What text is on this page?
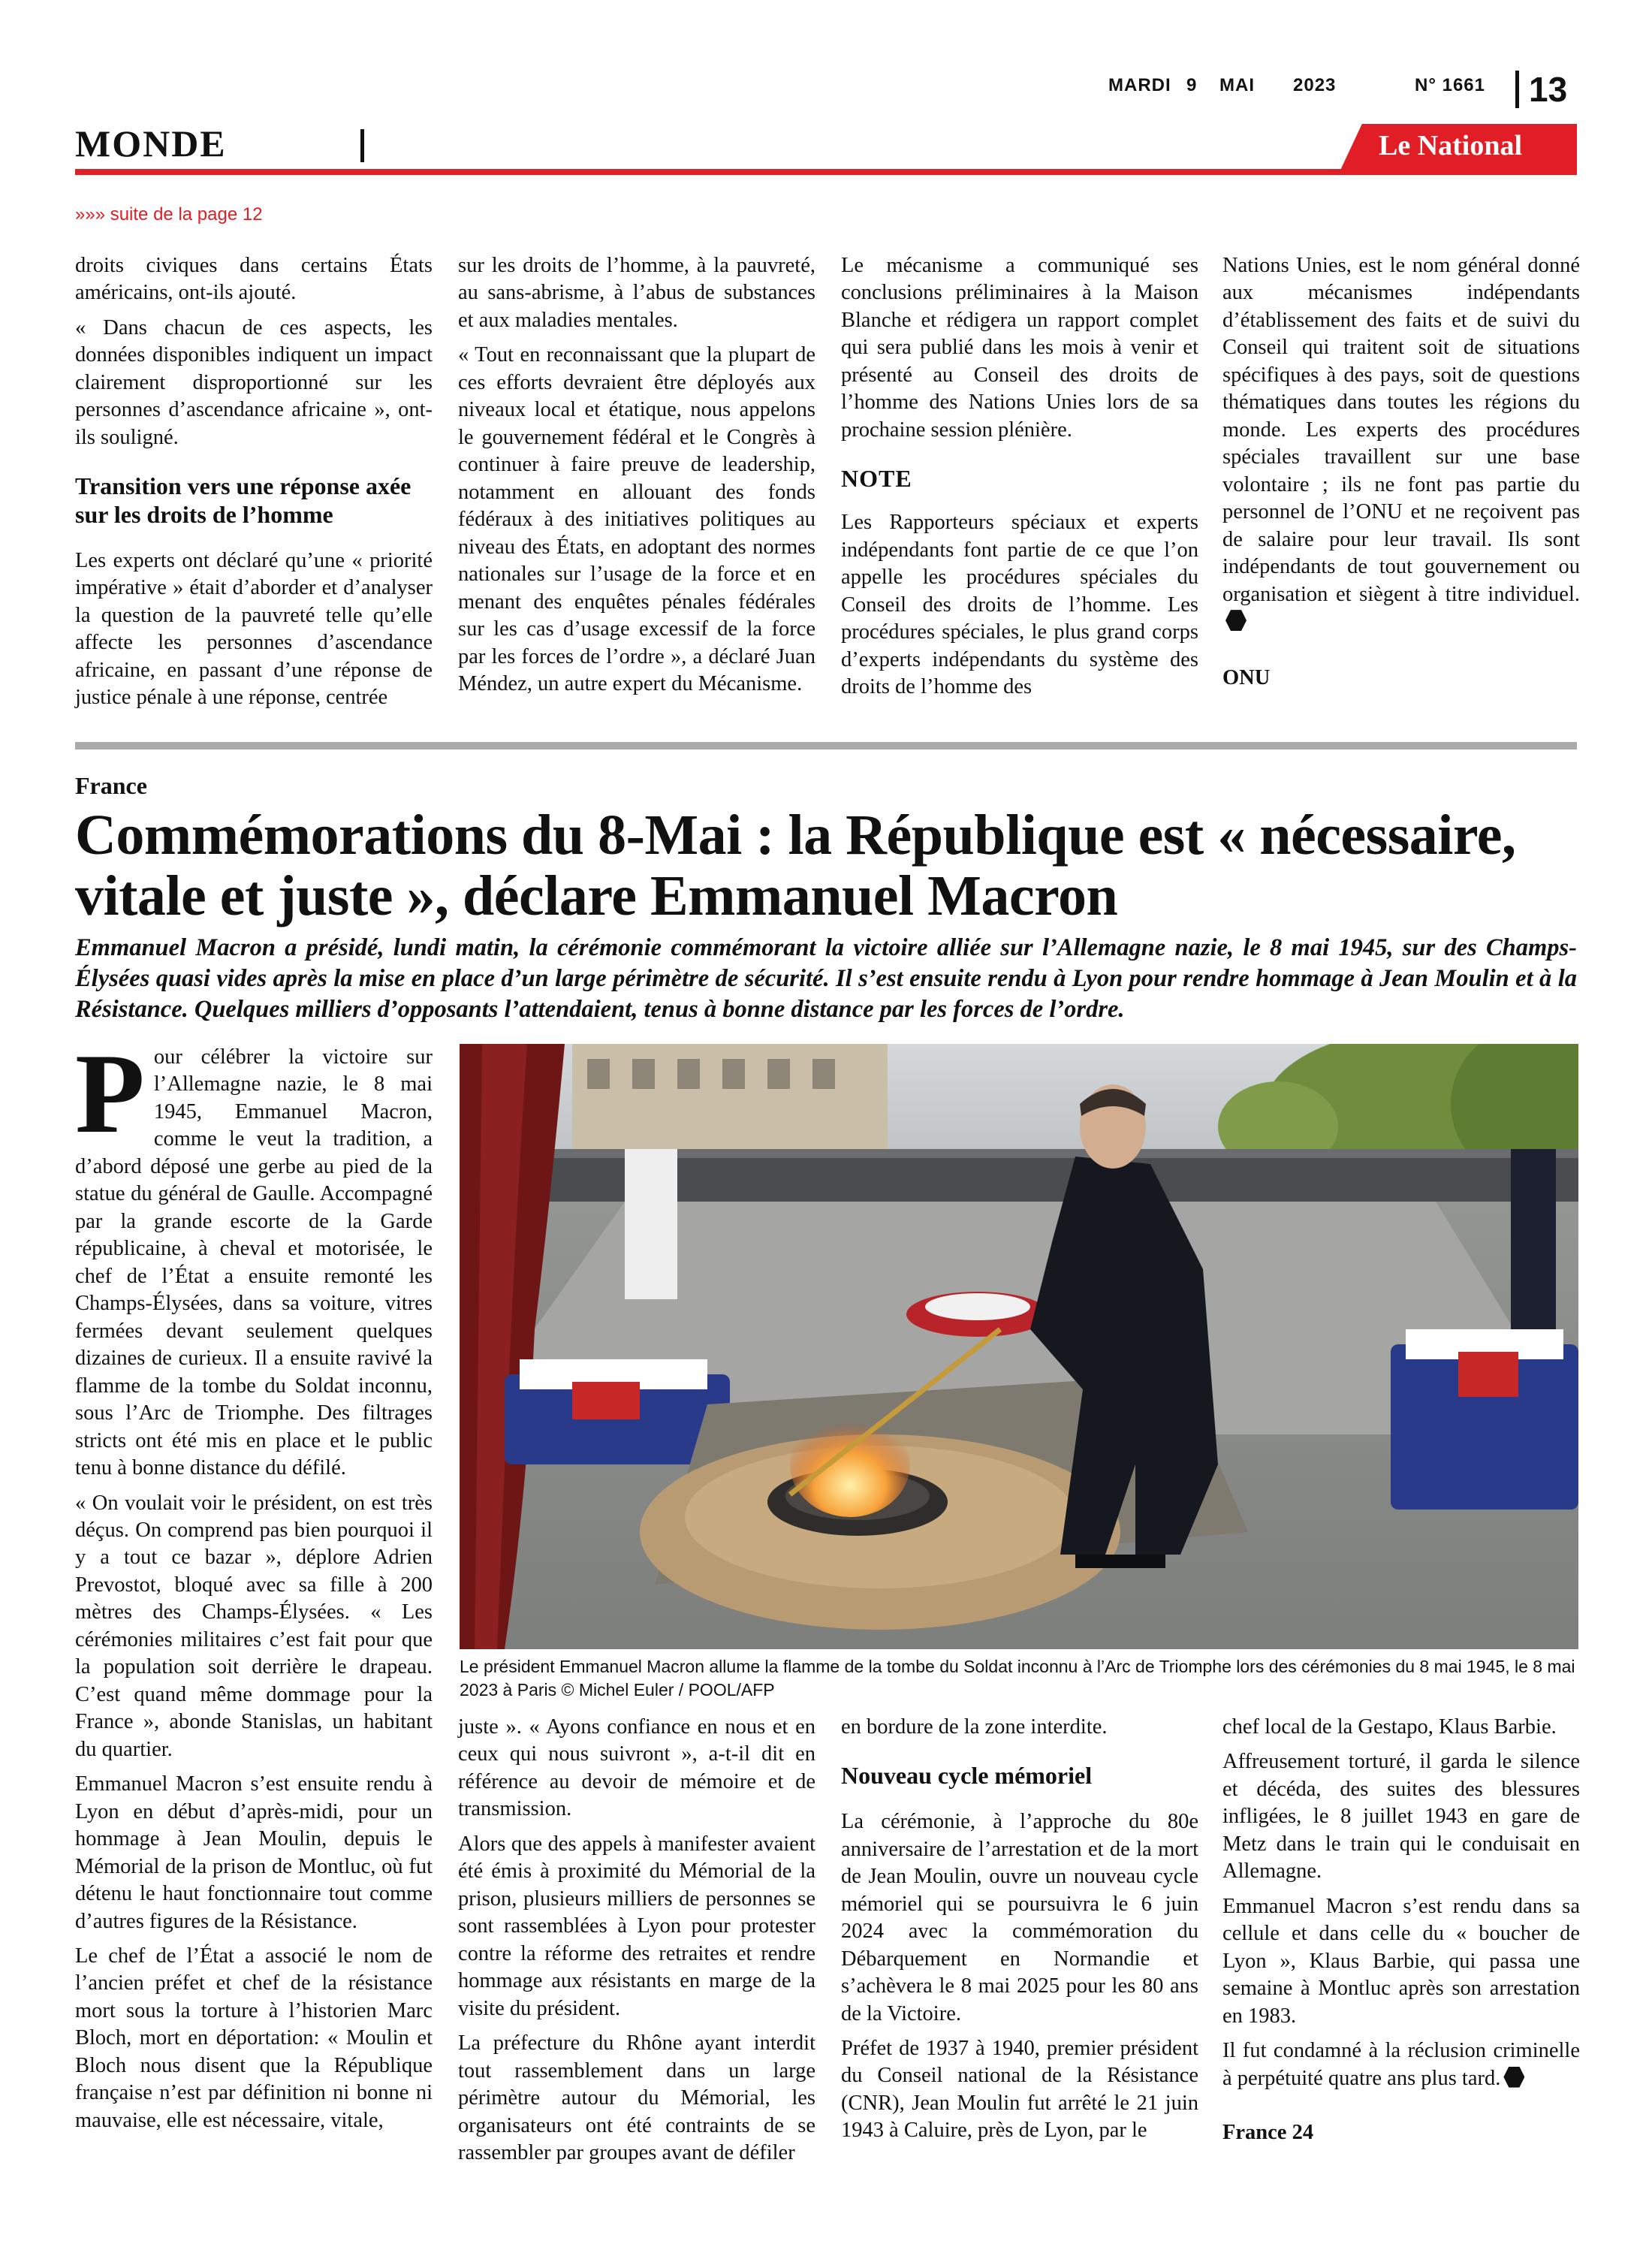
MARDI 9 MAI 2023	N° 1661 13
MONDE	Le National
»»» suite de la page 12

droits civiques dans certains États américains, ont-ils ajouté.

« Dans chacun de ces aspects, les données disponibles indiquent un impact clairement disproportionné sur les personnes d’ascendance africaine », ont-ils souligné.

Transition vers une réponse axée sur les droits de l’homme

Les experts ont déclaré qu’une « priorité impérative » était d’aborder et d’analyser la question de la pauvreté telle qu’elle affecte les personnes d’ascendance africaine, en passant d’une réponse de justice pénale à une réponse, centrée

sur les droits de l’homme, à la pauvreté, au sans-abrisme, à l’abus de substances et aux maladies mentales.

« Tout en reconnaissant que la plupart de ces efforts devraient être déployés aux niveaux local et étatique, nous appelons le gouvernement fédéral et le Congrès à continuer à faire preuve de leadership, notamment en allouant des fonds fédéraux à des initiatives politiques au niveau des États, en adoptant des normes nationales sur l’usage de la force et en menant des enquêtes pénales fédérales sur les cas d’usage excessif de la force par les forces de l’ordre », a déclaré Juan Méndez, un autre expert du Mécanisme.

Le mécanisme a communiqué ses conclusions préliminaires à la Maison Blanche et rédigera un rapport complet qui sera publié dans les mois à venir et présenté au Conseil des droits de l’homme des Nations Unies lors de sa prochaine session plénière.

NOTE

Les Rapporteurs spéciaux et experts indépendants font partie de ce que l’on appelle les procédures spéciales du Conseil des droits de l’homme. Les procédures spéciales, le plus grand corps d’experts indépendants du système des droits de l’homme des

Nations Unies, est le nom général donné aux mécanismes indépendants d’établissement des faits et de suivi du Conseil qui traitent soit de situations spécifiques à des pays, soit de questions thématiques dans toutes les régions du monde. Les experts des procédures spéciales travaillent sur une base volontaire ; ils ne font pas partie du personnel de l’ONU et ne reçoivent pas de salaire pour leur travail. Ils sont indépendants de tout gouvernement ou organisation et siègent à titre individuel.

ONU
France
Commémorations du 8-Mai : la République est « nécessaire, vitale et juste », déclare Emmanuel Macron
Emmanuel Macron a présidé, lundi matin, la cérémonie commémorant la victoire alliée sur l’Allemagne nazie, le 8 mai 1945, sur des Champs-Élysées quasi vides après la mise en place d’un large périmètre de sécurité. Il s’est ensuite rendu à Lyon pour rendre hommage à Jean Moulin et à la Résistance. Quelques milliers d’opposants l’attendaient, tenus à bonne distance par les forces de l’ordre.

Pour célébrer la victoire sur l’Allemagne nazie, le 8 mai 1945, Emmanuel Macron, comme le veut la tradition, a d’abord déposé une gerbe au pied de la statue du général de Gaulle. Accompagné par la grande escorte de la Garde républicaine, à cheval et motorisée, le chef de l’État a ensuite remonté les Champs-Élysées, dans sa voiture, vitres fermées devant seulement quelques dizaines de curieux. Il a ensuite ravivé la flamme de la tombe du Soldat inconnu, sous l’Arc de Triomphe. Des filtrages stricts ont été mis en place et le public tenu à bonne distance du défilé.

« On voulait voir le président, on est très déçus. On comprend pas bien pourquoi il y a tout ce bazar », déplore Adrien Prevostot, bloqué avec sa fille à 200 mètres des Champs-Élysées. « Les cérémonies militaires c’est fait pour que la population soit derrière le drapeau. C’est quand même dommage pour la France », abonde Stanislas, un habitant du quartier.

Emmanuel Macron s’est ensuite rendu à Lyon en début d’après-midi, pour un hommage à Jean Moulin, depuis le Mémorial de la prison de Montluc, où fut détenu le haut fonctionnaire tout comme d’autres figures de la Résistance.

Le chef de l’État a associé le nom de l’ancien préfet et chef de la résistance mort sous la torture à l’historien Marc Bloch, mort en déportation: « Moulin et Bloch nous disent que la République française n’est par définition ni bonne ni mauvaise, elle est nécessaire, vitale,

Le président Emmanuel Macron allume la flamme de la tombe du Soldat inconnu à l’Arc de Triomphe lors des cérémonies du 8 mai 1945, le 8 mai 2023 à Paris © Michel Euler / POOL/AFP

juste ». « Ayons confiance en nous et en ceux qui nous suivront », a-t-il dit en référence au devoir de mémoire et de transmission.

Alors que des appels à manifester avaient été émis à proximité du Mémorial de la prison, plusieurs milliers de personnes se sont rassemblées à Lyon pour protester contre la réforme des retraites et rendre hommage aux résistants en marge de la visite du président.

La préfecture du Rhône ayant interdit tout rassemblement dans un large périmètre autour du Mémorial, les organisateurs ont été contraints de se rassembler par groupes avant de défiler

en bordure de la zone interdite.

Nouveau cycle mémoriel

La cérémonie, à l’approche du 80e anniversaire de l’arrestation et de la mort de Jean Moulin, ouvre un nouveau cycle mémoriel qui se poursuivra le 6 juin 2024 avec la commémoration du Débarquement en Normandie et s’achèvera le 8 mai 2025 pour les 80 ans de la Victoire.

Préfet de 1937 à 1940, premier président du Conseil national de la Résistance (CNR), Jean Moulin fut arrêté le 21 juin 1943 à Caluire, près de Lyon, par le

chef local de la Gestapo, Klaus Barbie.

Affreusement torturé, il garda le silence et décéda, des suites des blessures infligées, le 8 juillet 1943 en gare de Metz dans le train qui le conduisait en Allemagne.

Emmanuel Macron s’est rendu dans sa cellule et dans celle du « boucher de Lyon », Klaus Barbie, qui passa une semaine à Montluc après son arrestation en 1983.

Il fut condamné à la réclusion criminelle à perpétuité quatre ans plus tard.

France 24
